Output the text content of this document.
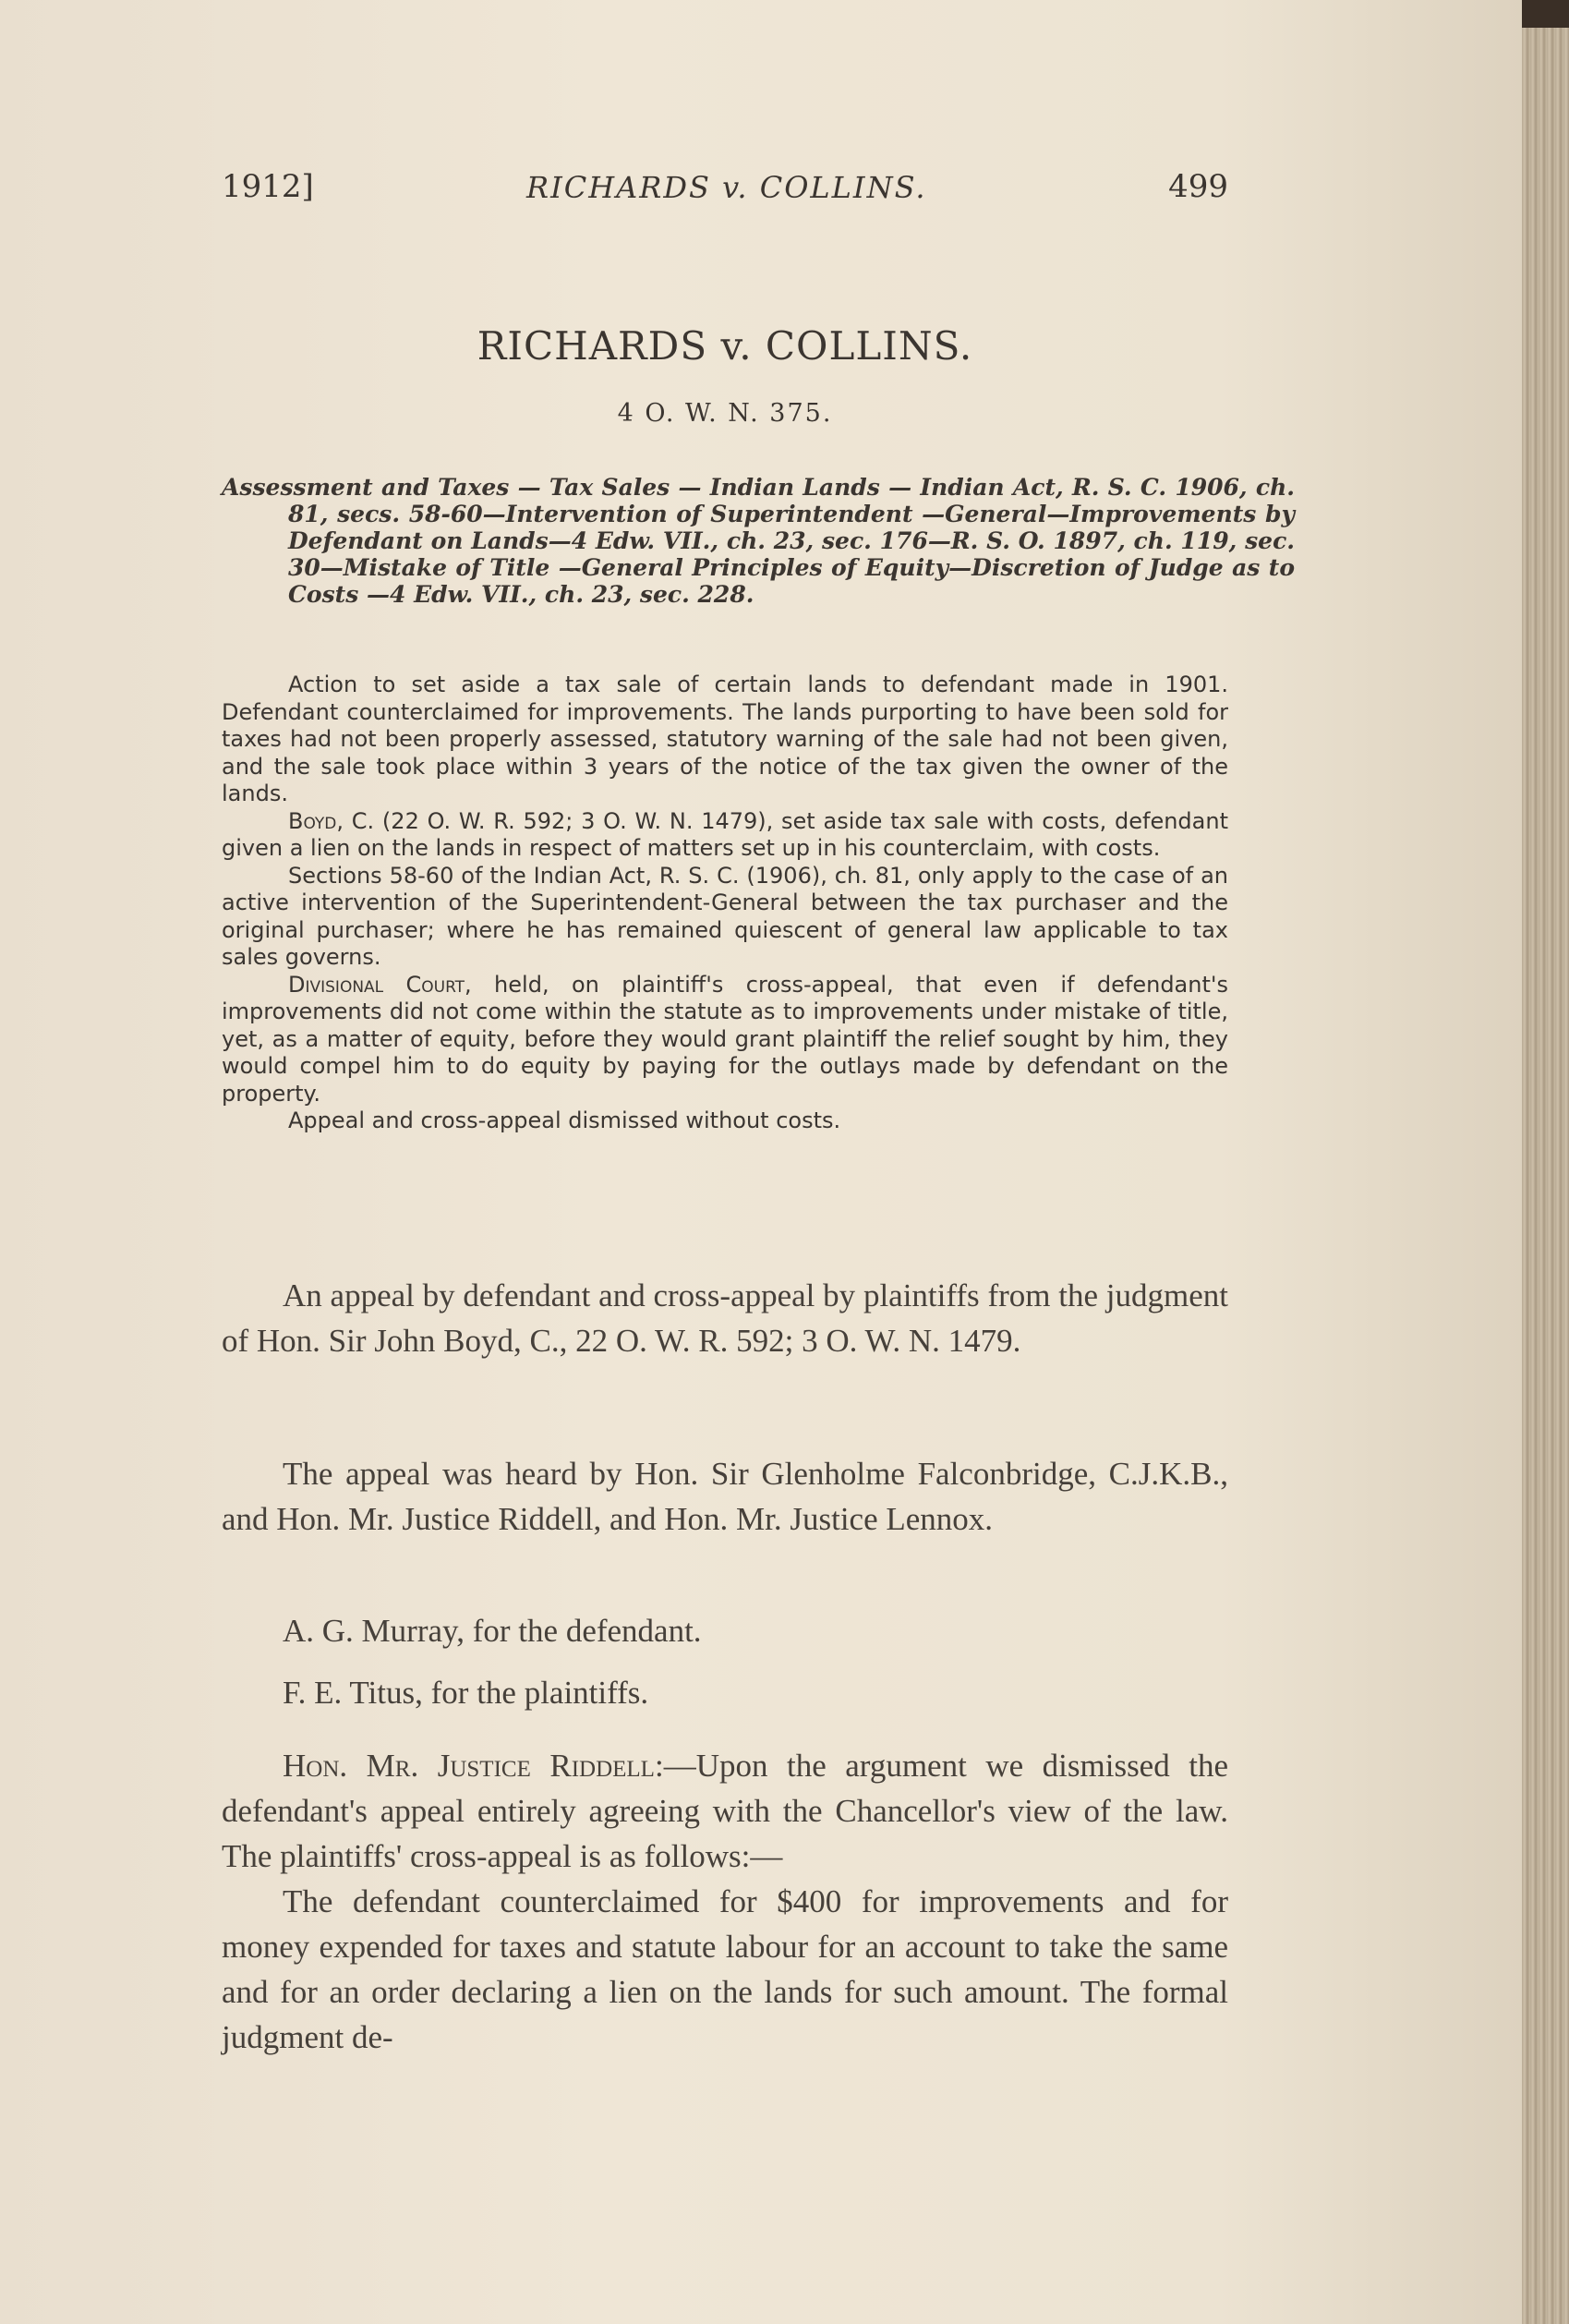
1912]	RICHARDS v. COLLINS.	499
RICHARDS v. COLLINS.
4 O. W. N. 375.
Assessment and Taxes — Tax Sales — Indian Lands — Indian Act, R. S. C. 1906, ch. 81, secs. 58-60—Intervention of Superintendent —General—Improvements by Defendant on Lands—4 Edw. VII., ch. 23, sec. 176—R. S. O. 1897, ch. 119, sec. 30—Mistake of Title —General Principles of Equity—Discretion of Judge as to Costs —4 Edw. VII., ch. 23, sec. 228.

Action to set aside a tax sale of certain lands to defendant made in 1901. Defendant counterclaimed for improvements. The lands purporting to have been sold for taxes had not been properly assessed, statutory warning of the sale had not been given, and the sale took place within 3 years of the notice of the tax given the owner of the lands.

Boyd, C. (22 O. W. R. 592; 3 O. W. N. 1479), set aside tax sale with costs, defendant given a lien on the lands in respect of matters set up in his counterclaim, with costs.

Sections 58-60 of the Indian Act, R. S. C. (1906), ch. 81, only apply to the case of an active intervention of the Superintendent-General between the tax purchaser and the original purchaser; where he has remained quiescent of general law applicable to tax sales governs.

Divisional Court, held, on plaintiff's cross-appeal, that even if defendant's improvements did not come within the statute as to improvements under mistake of title, yet, as a matter of equity, before they would grant plaintiff the relief sought by him, they would compel him to do equity by paying for the outlays made by defendant on the property.

Appeal and cross-appeal dismissed without costs.

An appeal by defendant and cross-appeal by plaintiffs from the judgment of Hon. Sir John Boyd, C., 22 O. W. R. 592; 3 O. W. N. 1479.

The appeal was heard by Hon. Sir Glenholme Falconbridge, C.J.K.B., and Hon. Mr. Justice Riddell, and Hon. Mr. Justice Lennox.

A. G. Murray, for the defendant.

F. E. Titus, for the plaintiffs.

Hon. Mr. Justice Riddell:—Upon the argument we dismissed the defendant's appeal entirely agreeing with the Chancellor's view of the law. The plaintiffs' cross-appeal is as follows:—

The defendant counterclaimed for $400 for improvements and for money expended for taxes and statute labour for an account to take the same and for an order declaring a lien on the lands for such amount. The formal judgment de-
